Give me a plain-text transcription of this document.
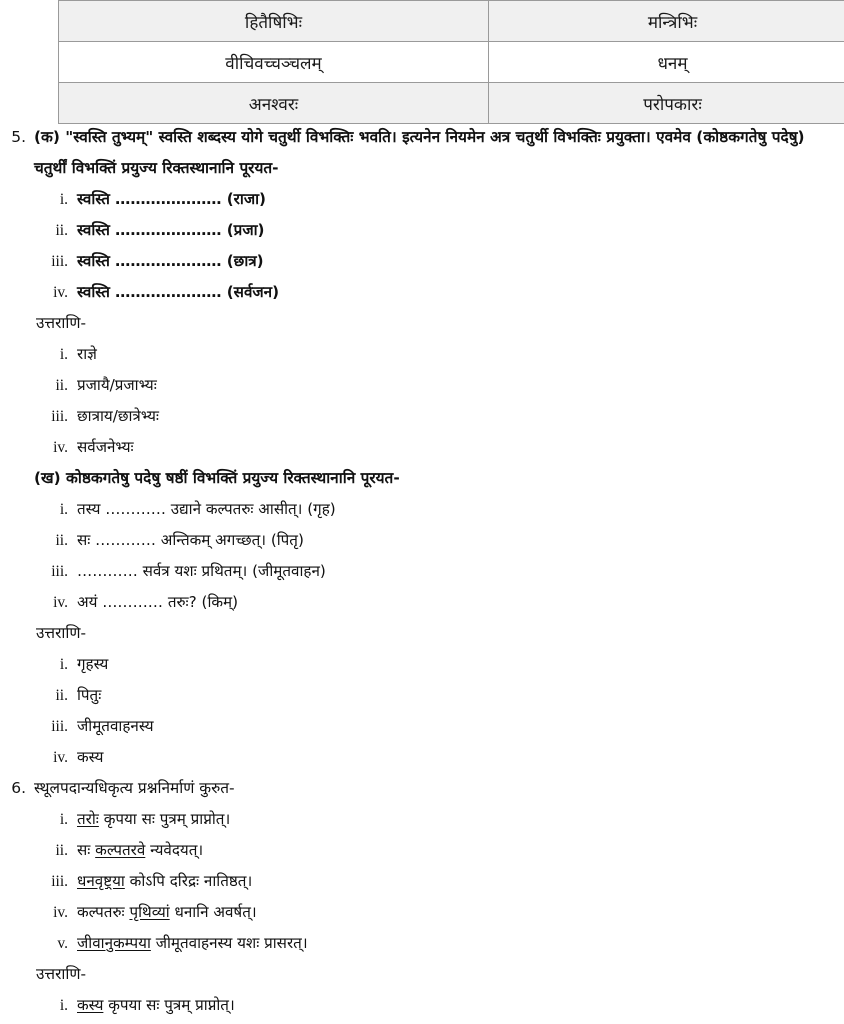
हितैषिभिः	मन्त्रिभिः
वीचिवच्चञ्चलम्	धनम्
अनश्वरः	परोपकारः
5. (क) "स्वस्ति तुभ्यम्" स्वस्ति शब्दस्य योगे चतुर्थी विभक्तिः भवति। इत्यनेन नियमेन अत्र चतुर्थी विभक्तिः प्रयुक्ता। एवमेव (कोष्ठकगतेषु पदेषु) चतुर्थीं विभक्तिं प्रयुज्य रिक्तस्थानानि पूरयत-
i. स्वस्ति ………………… (राजा)
ii. स्वस्ति ………………… (प्रजा)
iii. स्वस्ति ………………… (छात्र)
iv. स्वस्ति ………………… (सर्वजन)
उत्तराणि-
i. राज्ञे
ii. प्रजायै/प्रजाभ्यः
iii. छात्राय/छात्रेभ्यः
iv. सर्वजनेभ्यः
(ख) कोष्ठकगतेषु पदेषु षष्ठीं विभक्तिं प्रयुज्य रिक्तस्थानानि पूरयत-
i. तस्य ………… उद्याने कल्पतरुः आसीत्। (गृह)
ii. सः ………… अन्तिकम् अगच्छत्। (पितृ)
iii. ………… सर्वत्र यशः प्रथितम्। (जीमूतवाहन)
iv. अयं ………… तरुः? (किम्)
उत्तराणि-
i. गृहस्य
ii. पितुः
iii. जीमूतवाहनस्य
iv. कस्य
6. स्थूलपदान्यधिकृत्य प्रश्ननिर्माणं कुरुत-
i. तरोः कृपया सः पुत्रम् प्राप्नोत्।
ii. सः कल्पतरवे न्यवेदयत्।
iii. धनवृष्ट्या कोऽपि दरिद्रः नातिष्ठत्।
iv. कल्पतरुः पृथिव्यां धनानि अवर्षत्।
v. जीवानुकम्पया जीमूतवाहनस्य यशः प्रासरत्।
उत्तराणि-
i. कस्य कृपया सः पुत्रम् प्राप्नोत्।
